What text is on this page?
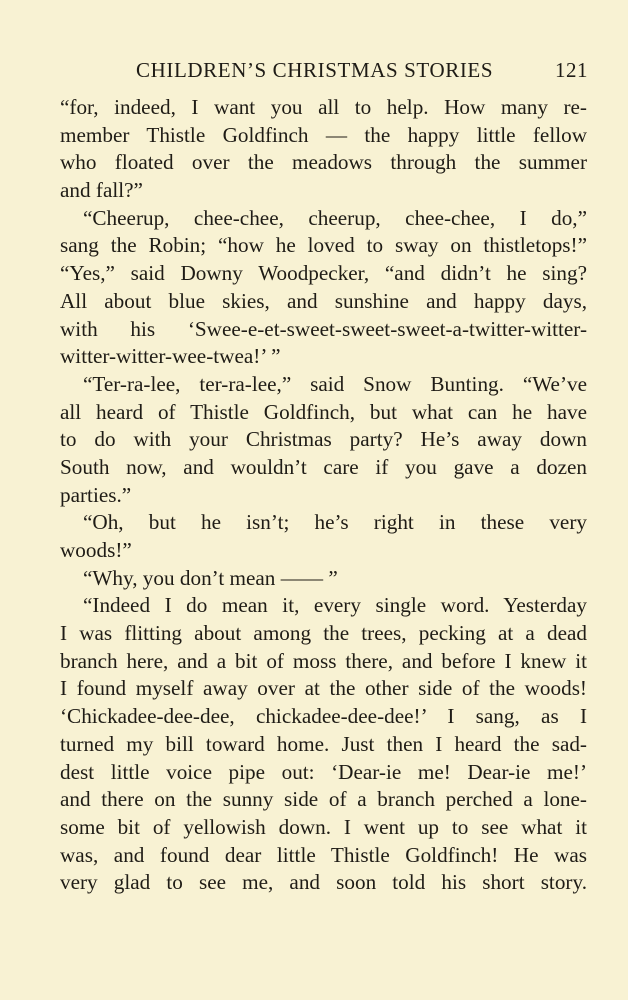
CHILDREN’S CHRISTMAS STORIES	121
“for, indeed, I want you all to help. How many re-
member Thistle Goldfinch — the happy little fellow
who floated over the meadows through the summer
and fall?”
“Cheerup, chee-chee, cheerup, chee-chee, I do,”
sang the Robin; “how he loved to sway on thistletops!”
“Yes,” said Downy Woodpecker, “and didn’t he sing?
All about blue skies, and sunshine and happy days,
with his ‘Swee-e-et-sweet-sweet-sweet-a-twitter-witter-
witter-witter-wee-twea!’ ”
“Ter-ra-lee, ter-ra-lee,” said Snow Bunting. “We’ve
all heard of Thistle Goldfinch, but what can he have
to do with your Christmas party? He’s away down
South now, and wouldn’t care if you gave a dozen
parties.”
“Oh, but he isn’t; he’s right in these very
woods!”
“Why, you don’t mean —— ”
“Indeed I do mean it, every single word. Yesterday
I was flitting about among the trees, pecking at a dead
branch here, and a bit of moss there, and before I knew it
I found myself away over at the other side of the woods!
‘Chickadee-dee-dee, chickadee-dee-dee!’ I sang, as I
turned my bill toward home. Just then I heard the sad-
dest little voice pipe out: ‘Dear-ie me! Dear-ie me!’
and there on the sunny side of a branch perched a lone-
some bit of yellowish down. I went up to see what it
was, and found dear little Thistle Goldfinch! He was
very glad to see me, and soon told his short story.
